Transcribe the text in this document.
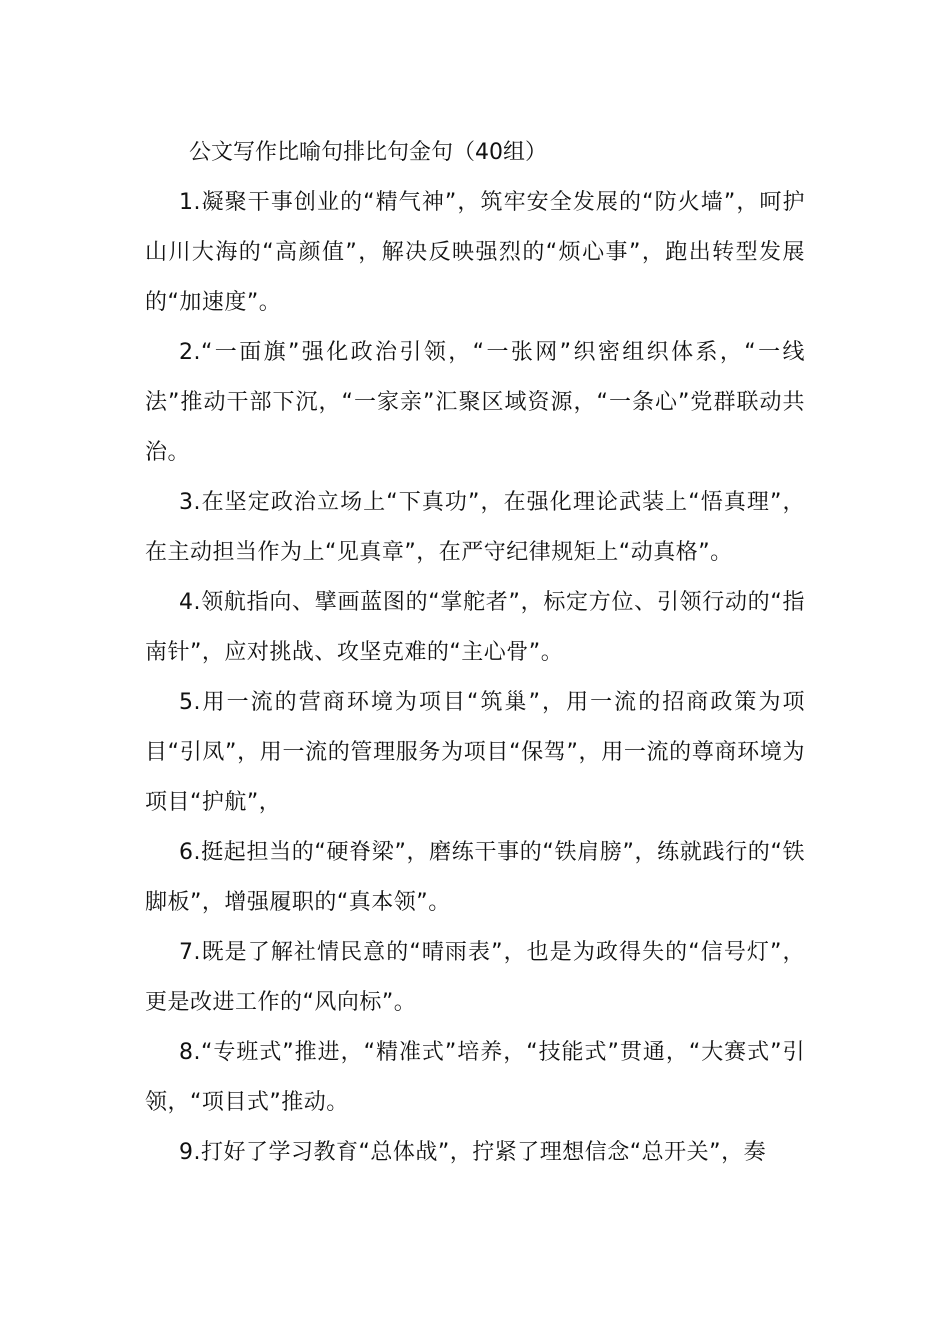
公文写作比喻句排比句金句（40组）

1.凝聚干事创业的“精气神”，筑牢安全发展的“防火墙”，呵护山川大海的“高颜值”，解决反映强烈的“烦心事”，跑出转型发展的“加速度”。

2.“一面旗”强化政治引领，“一张网”织密组织体系，“一线法”推动干部下沉，“一家亲”汇聚区域资源，“一条心”党群联动共治。

3.在坚定政治立场上“下真功”，在强化理论武装上“悟真理”，在主动担当作为上“见真章”，在严守纪律规矩上“动真格”。

4.领航指向、擘画蓝图的“掌舵者”，标定方位、引领行动的“指南针”，应对挑战、攻坚克难的“主心骨”。

5.用一流的营商环境为项目“筑巢”，用一流的招商政策为项目“引凤”，用一流的管理服务为项目“保驾”，用一流的尊商环境为项目“护航”，

6.挺起担当的“硬脊梁”，磨练干事的“铁肩膀”，练就践行的“铁脚板”，增强履职的“真本领”。

7.既是了解社情民意的“晴雨表”，也是为政得失的“信号灯”，更是改进工作的“风向标”。

8.“专班式”推进，“精准式”培养，“技能式”贯通，“大赛式”引领，“项目式”推动。

9.打好了学习教育“总体战”，拧紧了理想信念“总开关”，奏
